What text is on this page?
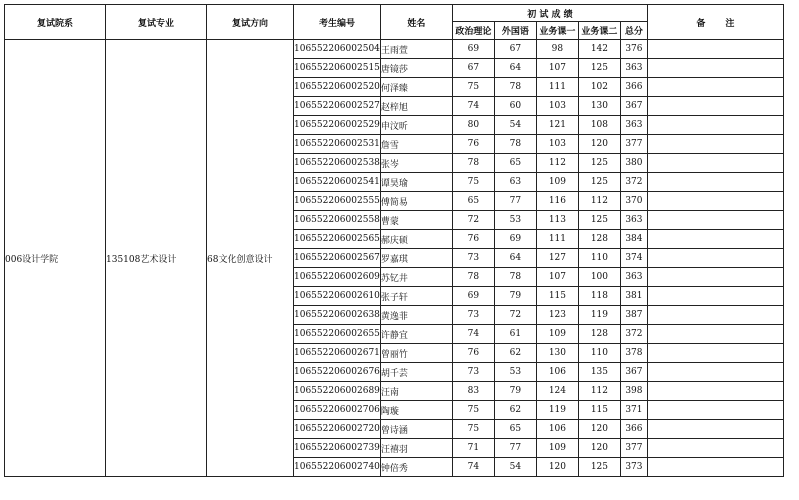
复试院系	复试专业	复试方向	考生编号	姓名	初 试 成 绩					备 注
					政治理论	外国语	业务课一	业务课二	总分	
006设计学院	135108艺术设计	68文化创意设计	106552206002504	王雨萱	69	67	98	142	376	
			106552206002515	唐镜莎	67	64	107	125	363	
			106552206002520	何泽臻	75	78	111	102	366	
			106552206002527	赵梓旭	74	60	103	130	367	
			106552206002529	申汶昕	80	54	121	108	363	
			106552206002531	詹雪	76	78	103	120	377	
			106552206002538	张岑	78	65	112	125	380	
			106552206002541	谭昊瑜	75	63	109	125	372	
			106552206002555	傅简易	65	77	116	112	370	
			106552206002558	曹蒙	72	53	113	125	363	
			106552206002565	郝庆硕	76	69	111	128	384	
			106552206002567	罗嘉琪	73	64	127	110	374	
			106552206002609	苏钇井	78	78	107	100	363	
			106552206002610	张子轩	69	79	115	118	381	
			106552206002638	黄逸菲	73	72	123	119	387	
			106552206002655	许静宜	74	61	109	128	372	
			106552206002671	曾丽竹	76	62	130	110	378	
			106552206002676	胡千芸	73	53	106	135	367	
			106552206002689	汪南	83	79	124	112	398	
			106552206002706	陶璇	75	62	119	115	371	
			106552206002720	曾诗涵	75	65	106	120	366	
			106552206002739	汪禧羽	71	77	109	120	377	
			106552206002740	钟倍秀	74	54	120	125	373	
